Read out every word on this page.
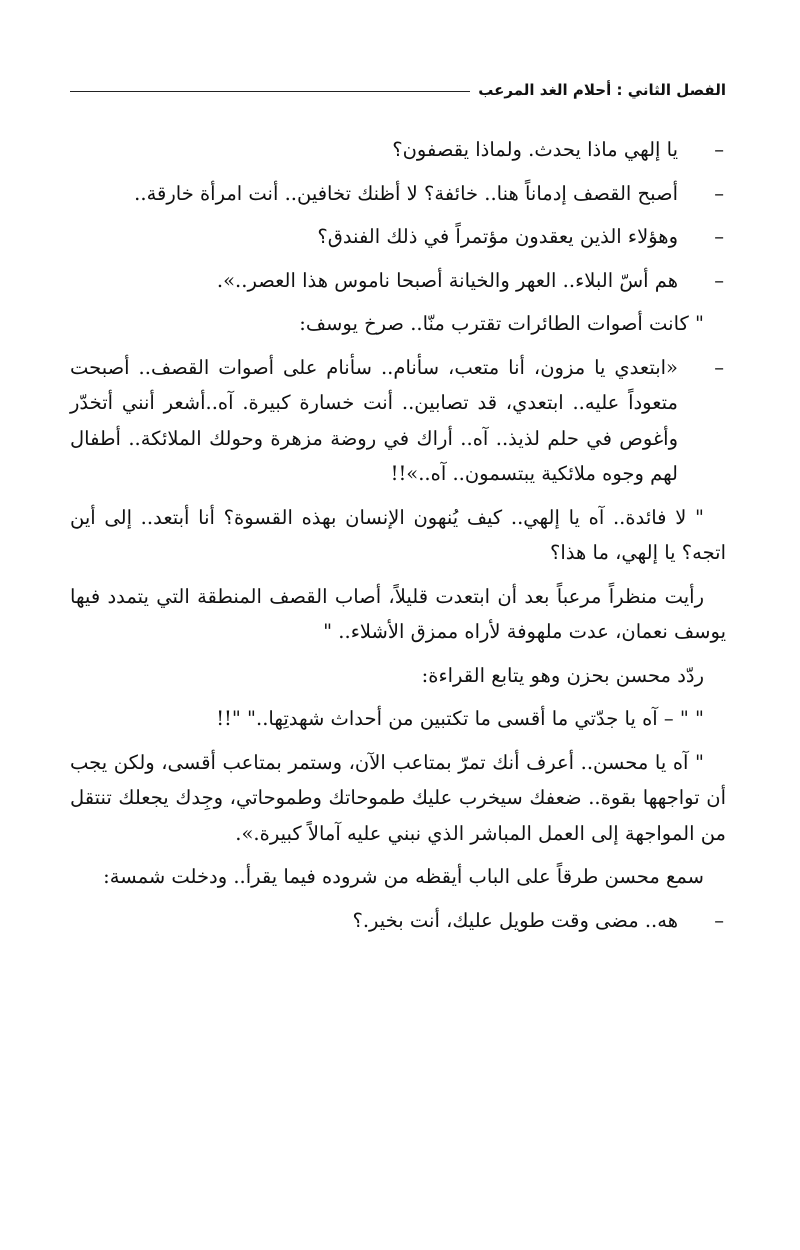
الفصل الثاني : أحلام الغد المرعب
–
يا إلهي ماذا يحدث. ولماذا يقصفون؟
–
أصبح القصف إدماناً هنا.. خائفة؟ لا أظنك تخافين.. أنت امرأة خارقة..
–
وهؤلاء الذين يعقدون مؤتمراً في ذلك الفندق؟
–
هم أسّ البلاء.. العهر والخيانة أصبحا ناموس هذا العصر..».

" كانت أصوات الطائرات تقترب منّا.. صرخ يوسف:

–
«ابتعدي يا مزون، أنا متعب، سأنام.. سأنام على أصوات القصف.. أصبحت متعوداً عليه.. ابتعدي، قد تصابين.. أنت خسارة كبيرة. آه..أشعر أنني أتخدّر وأغوص في حلم لذيذ.. آه.. أراك في روضة مزهرة وحولك الملائكة.. أطفال لهم وجوه ملائكية يبتسمون.. آه..»!!

" لا فائدة.. آه يا إلهي.. كيف يُنهون الإنسان بهذه القسوة؟ أنا أبتعد.. إلى أين اتجه؟ يا إلهي، ما هذا؟

رأيت منظراً مرعباً بعد أن ابتعدت قليلاً، أصاب القصف المنطقة التي يتمدد فيها يوسف نعمان، عدت ملهوفة لأراه ممزق الأشلاء.. "

ردّد محسن بحزن وهو يتابع القراءة:

" " – آه يا جدّتي ما أقسى ما تكتبين من أحداث شهدتِها.." "!!

" آه يا محسن.. أعرف أنك تمرّ بمتاعب الآن، وستمر بمتاعب أقسى، ولكن يجب أن تواجهها بقوة.. ضعفك سيخرب عليك طموحاتك وطموحاتي، وجِدك يجعلك تنتقل من المواجهة إلى العمل المباشر الذي نبني عليه آمالاً كبيرة.».

سمع محسن طرقاً على الباب أيقظه من شروده فيما يقرأ.. ودخلت شمسة:

–
هه.. مضى وقت طويل عليك، أنت بخير.؟
